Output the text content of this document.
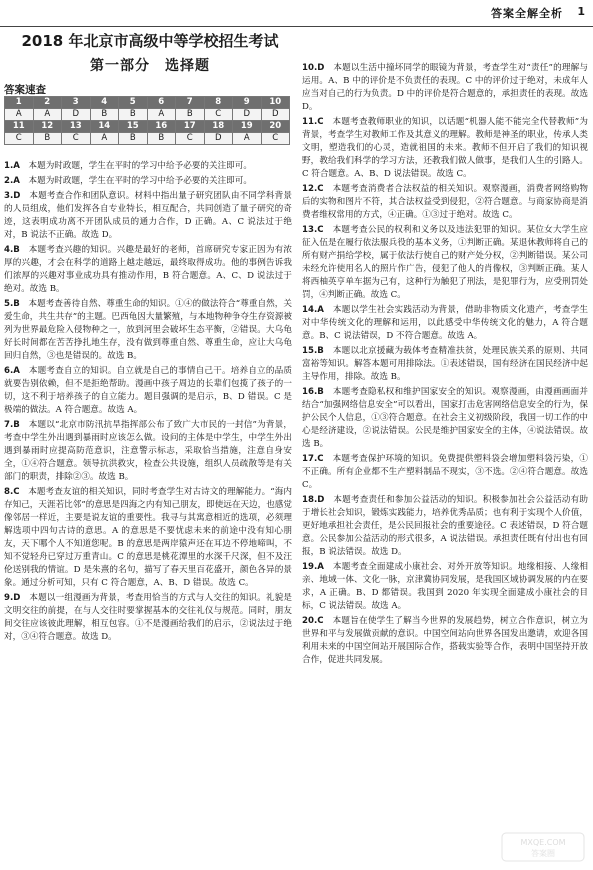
答案全解全析 1
2018 年北京市高级中等学校招生考试
第一部分　选择题
答案速查
1	2	3	4	5	6	7	8	9	10
A	A	D	B	B	A	B	C	D	D
11	12	13	14	15	16	17	18	19	20
C	B	C	A	B	B	C	D	A	C

1.A　 本题为时政题，学生在平时的学习中给予必要的关注即可。

2.A　 本题为时政题，学生在平时的学习中给予必要的关注即可。

3.D　 本题考查合作和团队意识。材料中指出量子研究团队由不同学科背景的人员组成，他们发挥各自专业特长，相互配合，共同创造了量子研究的奇迹，这表明成功离不开团队成员的通力合作，D 正确。A、C 说法过于绝对，B 说法不正确。故选 D。

4.B　 本题考查兴趣的知识。兴趣是最好的老师，首席研究专家正因为有浓厚的兴趣，才会在科学的道路上越走越远，最终取得成功。他的事例告诉我们浓厚的兴趣对事业成功具有推动作用，B 符合题意。A、C、D 说法过于绝对。故选 B。

5.B　 本题考查善待自然、尊重生命的知识。①④的做法符合“尊重自然，关爱生命，共生共存”的主题。巴西龟因大量繁殖，与本地物种争夺生存资源被列为世界最危险入侵物种之一，放到河里会破坏生态平衡，②错误。大乌龟好长时间都在苦苦挣扎地生存，没有做到尊重自然、尊重生命，应让大乌龟回归自然，③也是错误的。故选 B。

6.A　 本题考查自立的知识。自立就是自己的事情自己干。培养自立的品质就要告别依赖，但不是拒绝帮助。漫画中孩子周边的长辈们包揽了孩子的一切，这不利于培养孩子的自立能力。题目强调的是启示，B、D 错误。C 是极端的做法。A 符合题意。故选 A。

7.B　 本题以“北京市防汛抗旱指挥部公布了致广大市民的一封信”为背景，考查中学生外出遇到暴雨时应该怎么做。设问的主体是中学生，中学生外出遇到暴雨时应提高防范意识，注意警示标志，采取恰当措施，注意自身安全，①④符合题意。领导抗洪救灾，检查公共设施，组织人员疏散等是有关部门的职责，排除②③。故选 B。

8.C　 本题考查友谊的相关知识，同时考查学生对古诗文的理解能力。“海内存知己，天涯若比邻”的意思是四海之内有知己朋友，即使远在天边，也感觉像邻居一样近，主要是说友谊的重要性。我寻与其寓意相近的选项，必须理解选项中四句古诗的意思。A 的意思是不要忧虑未来的前途中没有知心朋友，天下哪个人不知道您呢。B 的意思是两岸猿声还在耳边不停地啼叫，不知不觉轻舟已穿过万重青山。C 的意思是桃花潭里的水深千尺深，但不及汪伦送别我的情谊。D 是朱熹的名句，描写了春天里百花盛开，颜色各异的景象。通过分析可知，只有 C 符合题意，A、B、D 错误。故选 C。

9.D　 本题以一组漫画为背景，考查用恰当的方式与人交往的知识。礼貌是文明交往的前提，在与人交往时要掌握基本的交往礼仪与规范。同时，朋友间交往应该彼此理解，相互包容。①不是漫画给我们的启示，②说法过于绝对，③④符合题意。故选 D。

10.D　 本题以生活中撞坏同学的眼镜为背景，考查学生对“责任”的理解与运用。A、B 中的评价是不负责任的表现。C 中的评价过于绝对，未成年人应当对自己的行为负责。D 中的评价是符合题意的，承担责任的表现。故选 D。

11.C　 本题考查教师职业的知识，以话题“机器人能不能完全代替教师”为背景，考查学生对教师工作及其意义的理解。教师是神圣的职业，传承人类文明，塑造我们的心灵，造就祖国的未来。教师不但开启了我们的知识视野，教给我们科学的学习方法，还教我们做人做事，是我们人生的引路人。C 符合题意。A、B、D 说法错误。故选 C。

12.C　 本题考查消费者合法权益的相关知识。观察漫画，消费者网络购物后的实物和图片不符，其合法权益受到侵犯，②符合题意。与商家协商是消费者维权常用的方式，④正确。①③过于绝对。故选 C。

13.C　 本题考查公民的权利和义务以及违法犯罪的知识。某位女大学生应征入伍是在履行依法服兵役的基本义务，①判断正确。某退休教师将自己的所有财产捐给学校，属于依法行使自己的财产处分权，②判断错误。某公司未经允许使用名人的照片作广告，侵犯了他人的肖像权，③判断正确。某人将西柚英亨单车据为己有，这种行为触犯了刑法，是犯罪行为，应受刑罚处罚，④判断正确。故选 C。

14.A　 本题以学生社会实践活动为背景，借助非物质文化遗产，考查学生对中华传统文化的理解和运用，以此感受中华传统文化的魅力，A 符合题意。B、C 说法错误，D 不符合题意。故选 A。

15.B　 本题以北京援藏为载体考查精准扶贫，处理民族关系的原则、共同富裕等知识。解答本题可用排除法。①表述错误，国有经济在国民经济中起主导作用，排除。故选 B。

16.B　 本题考查隐私权和维护国家安全的知识。观察漫画，由漫画画面并结合“加强网络信息安全”可以看出，国家打击危害网络信息安全的行为，保护公民个人信息，①③符合题意。在社会主义初级阶段，我国一切工作的中心是经济建设，②说法错误。公民是维护国家安全的主体，④说法错误。故选 B。

17.C　 本题考查保护环境的知识。免费提供塑料袋会增加塑料袋污染，①不正确。所有企业都不生产塑料制品不现实，③不选。②④符合题意。故选 C。

18.D　 本题考查责任和参加公益活动的知识。积极参加社会公益活动有助于增长社会知识，锻炼实践能力，培养优秀品质；也有利于实现个人价值，更好地承担社会责任，是公民回报社会的重要途径。C 表述错误，D 符合题意。公民参加公益活动的形式很多，A 说法错误。承担责任既有付出也有回报，B 说法错误。故选 D。

19.A　 本题考查全面建成小康社会、对外开放等知识。地缘相接、人缘相亲、地域一体、文化一脉，京津冀协同发展，是我国区域协调发展的内在要求，A 正确。B、D 都错误。我国到 2020 年实现全面建成小康社会的目标，C 说法错误。故选 A。

20.C　 本题旨在使学生了解当今世界的发展趋势，树立合作意识，树立为世界和平与发展做贡献的意识。中国空间站向世界各国发出邀请，欢迎各国利用未来的中国空间站开展国际合作，搭载实验等合作，表明中国坚持开放合作，促进共同发展。

MXQE.COM
答案圈
